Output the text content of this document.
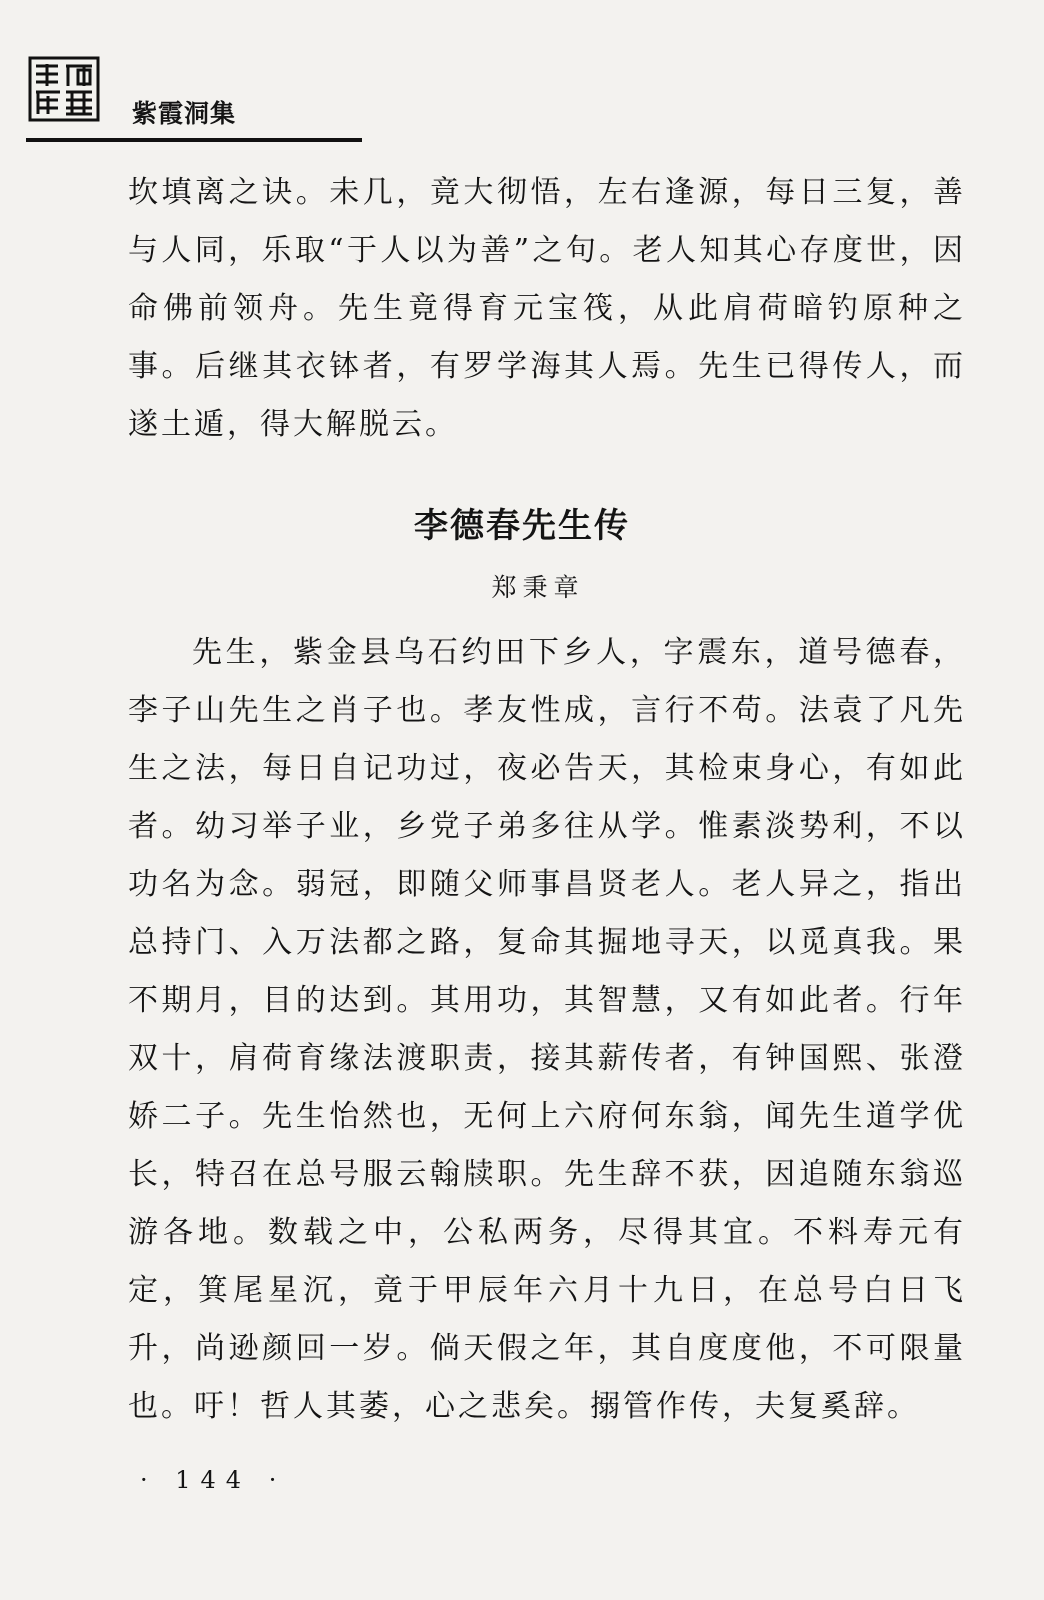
紫霞洞集

坎填离之诀。未几，竟大彻悟，左右逢源，每日三复，善与人同，乐取“于人以为善”之句。老人知其心存度世，因命佛前领舟。先生竟得育元宝筏，从此肩荷暗钓原种之事。后继其衣钵者，有罗学海其人焉。先生已得传人，而遂土遁，得大解脱云。

李德春先生传
郑秉章

先生，紫金县乌石约田下乡人，字震东，道号德春，李子山先生之肖子也。孝友性成，言行不苟。法袁了凡先生之法，每日自记功过，夜必告天，其检束身心，有如此者。幼习举子业，乡党子弟多往从学。惟素淡势利，不以功名为念。弱冠，即随父师事昌贤老人。老人异之，指出总持门、入万法都之路，复命其掘地寻天，以觅真我。果不期月，目的达到。其用功，其智慧，又有如此者。行年双十，肩荷育缘法渡职责，接其薪传者，有钟国熙、张澄娇二子。先生怡然也，无何上六府何东翁，闻先生道学优长，特召在总号服云翰牍职。先生辞不获，因追随东翁巡游各地。数载之中，公私两务，尽得其宜。不料寿元有定，箕尾星沉，竟于甲辰年六月十九日，在总号白日飞升，尚逊颜回一岁。倘天假之年，其自度度他，不可限量也。吁！哲人其萎，心之悲矣。搦管作传，夫复奚辞。

· 144 ·
